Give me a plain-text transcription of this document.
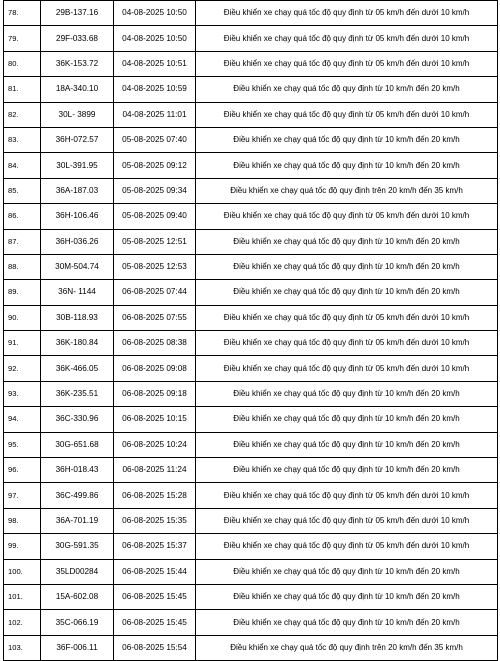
78.	29B-137.16	04-08-2025 10:50	Điều khiển xe chạy quá tốc độ quy định từ 05 km/h đến dưới 10 km/h
79.	29F-033.68	04-08-2025 10:50	Điều khiển xe chạy quá tốc độ quy định từ 05 km/h đến dưới 10 km/h
80.	36K-153.72	04-08-2025 10:51	Điều khiển xe chạy quá tốc độ quy định từ 05 km/h đến dưới 10 km/h
81.	18A-340.10	04-08-2025 10:59	Điều khiển xe chạy quá tốc độ quy định từ 10 km/h đến 20 km/h
82.	30L- 3899	04-08-2025 11:01	Điều khiển xe chạy quá tốc độ quy định từ 05 km/h đến dưới 10 km/h
83.	36H-072.57	05-08-2025 07:40	Điều khiển xe chạy quá tốc độ quy định từ 10 km/h đến 20 km/h
84.	30L-391.95	05-08-2025 09:12	Điều khiển xe chạy quá tốc độ quy định từ 10 km/h đến 20 km/h
85.	36A-187.03	05-08-2025 09:34	Điều khiển xe chạy quá tốc độ quy định trên 20 km/h đến 35 km/h
86.	36H-106.46	05-08-2025 09:40	Điều khiển xe chạy quá tốc độ quy định từ 05 km/h đến dưới 10 km/h
87.	36H-036.26	05-08-2025 12:51	Điều khiển xe chạy quá tốc độ quy định từ 10 km/h đến 20 km/h
88.	30M-504.74	05-08-2025 12:53	Điều khiển xe chạy quá tốc độ quy định từ 10 km/h đến 20 km/h
89.	36N- 1144	06-08-2025 07:44	Điều khiển xe chạy quá tốc độ quy định từ 10 km/h đến 20 km/h
90.	30B-118.93	06-08-2025 07:55	Điều khiển xe chạy quá tốc độ quy định từ 05 km/h đến dưới 10 km/h
91.	36K-180.84	06-08-2025 08:38	Điều khiển xe chạy quá tốc độ quy định từ 05 km/h đến dưới 10 km/h
92.	36K-466.05	06-08-2025 09:08	Điều khiển xe chạy quá tốc độ quy định từ 05 km/h đến dưới 10 km/h
93.	36K-235.51	06-08-2025 09:18	Điều khiển xe chạy quá tốc độ quy định từ 10 km/h đến 20 km/h
94.	36C-330.96	06-08-2025 10:15	Điều khiển xe chạy quá tốc độ quy định từ 10 km/h đến 20 km/h
95.	30G-651.68	06-08-2025 10:24	Điều khiển xe chạy quá tốc độ quy định từ 10 km/h đến 20 km/h
96.	36H-018.43	06-08-2025 11:24	Điều khiển xe chạy quá tốc độ quy định từ 10 km/h đến 20 km/h
97.	36C-499.86	06-08-2025 15:28	Điều khiển xe chạy quá tốc độ quy định từ 05 km/h đến dưới 10 km/h
98.	36A-701.19	06-08-2025 15:35	Điều khiển xe chạy quá tốc độ quy định từ 05 km/h đến dưới 10 km/h
99.	30G-591.35	06-08-2025 15:37	Điều khiển xe chạy quá tốc độ quy định từ 05 km/h đến dưới 10 km/h
100.	35LD00284	06-08-2025 15:44	Điều khiển xe chạy quá tốc độ quy định từ 10 km/h đến 20 km/h
101.	15A-602.08	06-08-2025 15:45	Điều khiển xe chạy quá tốc độ quy định từ 10 km/h đến 20 km/h
102.	35C-066.19	06-08-2025 15:45	Điều khiển xe chạy quá tốc độ quy định từ 10 km/h đến 20 km/h
103.	36F-006.11	06-08-2025 15:54	Điều khiển xe chạy quá tốc độ quy định trên 20 km/h đến 35 km/h
